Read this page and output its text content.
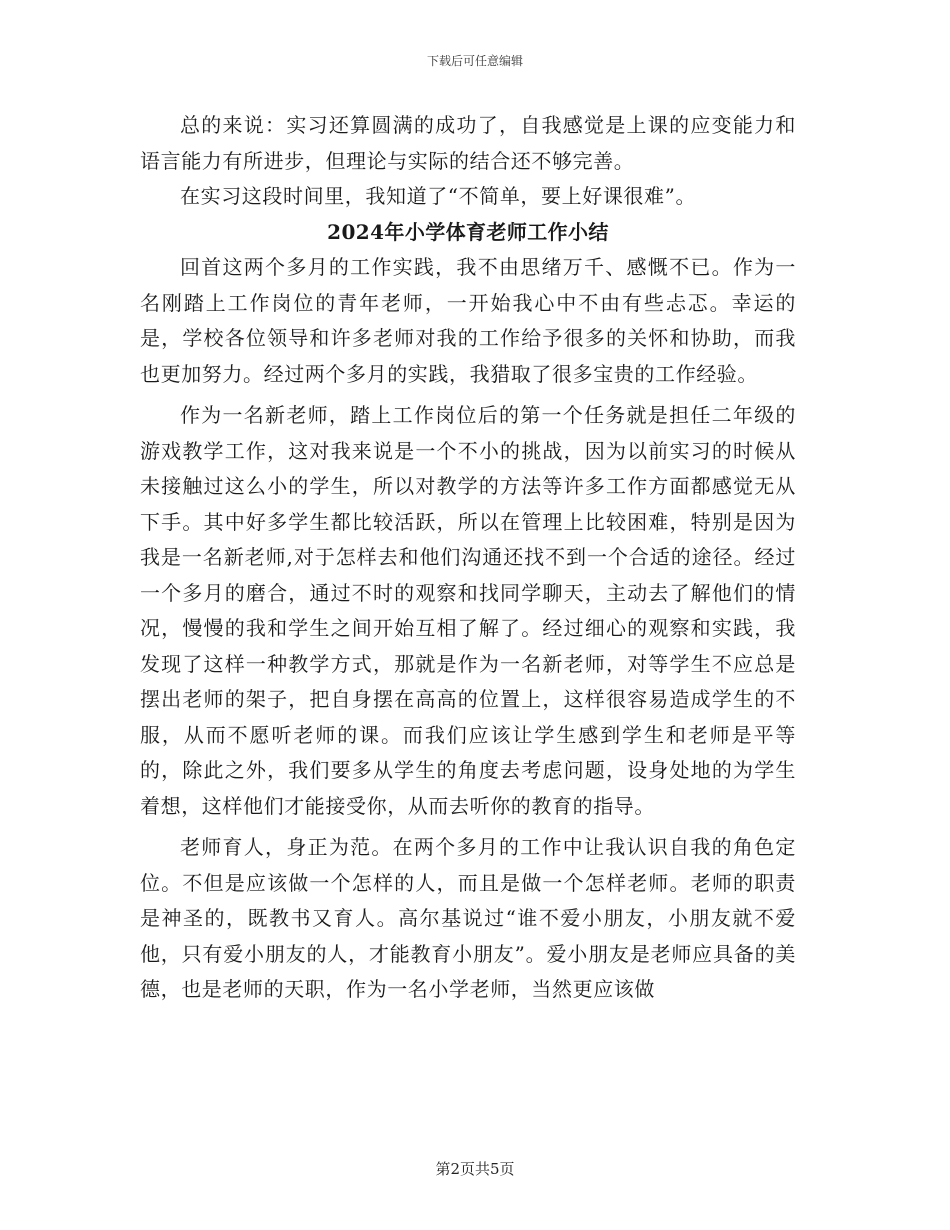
下载后可任意编辑

总的来说：实习还算圆满的成功了，自我感觉是上课的应变能力和语言能力有所进步，但理论与实际的结合还不够完善。

在实习这段时间里，我知道了“不简单，要上好课很难”。

2024年小学体育老师工作小结

回首这两个多月的工作实践，我不由思绪万千、感慨不已。作为一名刚踏上工作岗位的青年老师，一开始我心中不由有些忐忑。幸运的是，学校各位领导和许多老师对我的工作给予很多的关怀和协助，而我也更加努力。经过两个多月的实践，我猎取了很多宝贵的工作经验。

作为一名新老师，踏上工作岗位后的第一个任务就是担任二年级的游戏教学工作，这对我来说是一个不小的挑战，因为以前实习的时候从未接触过这么小的学生，所以对教学的方法等许多工作方面都感觉无从下手。其中好多学生都比较活跃，所以在管理上比较困难，特别是因为我是一名新老师,对于怎样去和他们沟通还找不到一个合适的途径。经过一个多月的磨合，通过不时的观察和找同学聊天，主动去了解他们的情况，慢慢的我和学生之间开始互相了解了。经过细心的观察和实践，我发现了这样一种教学方式，那就是作为一名新老师，对等学生不应总是摆出老师的架子，把自身摆在高高的位置上，这样很容易造成学生的不服，从而不愿听老师的课。而我们应该让学生感到学生和老师是平等的，除此之外，我们要多从学生的角度去考虑问题，设身处地的为学生着想，这样他们才能接受你，从而去听你的教育的指导。

老师育人，身正为范。在两个多月的工作中让我认识自我的角色定位。不但是应该做一个怎样的人，而且是做一个怎样老师。老师的职责是神圣的，既教书又育人。高尔基说过“谁不爱小朋友，小朋友就不爱他，只有爱小朋友的人，才能教育小朋友”。爱小朋友是老师应具备的美德，也是老师的天职，作为一名小学老师，当然更应该做

第2页共5页
